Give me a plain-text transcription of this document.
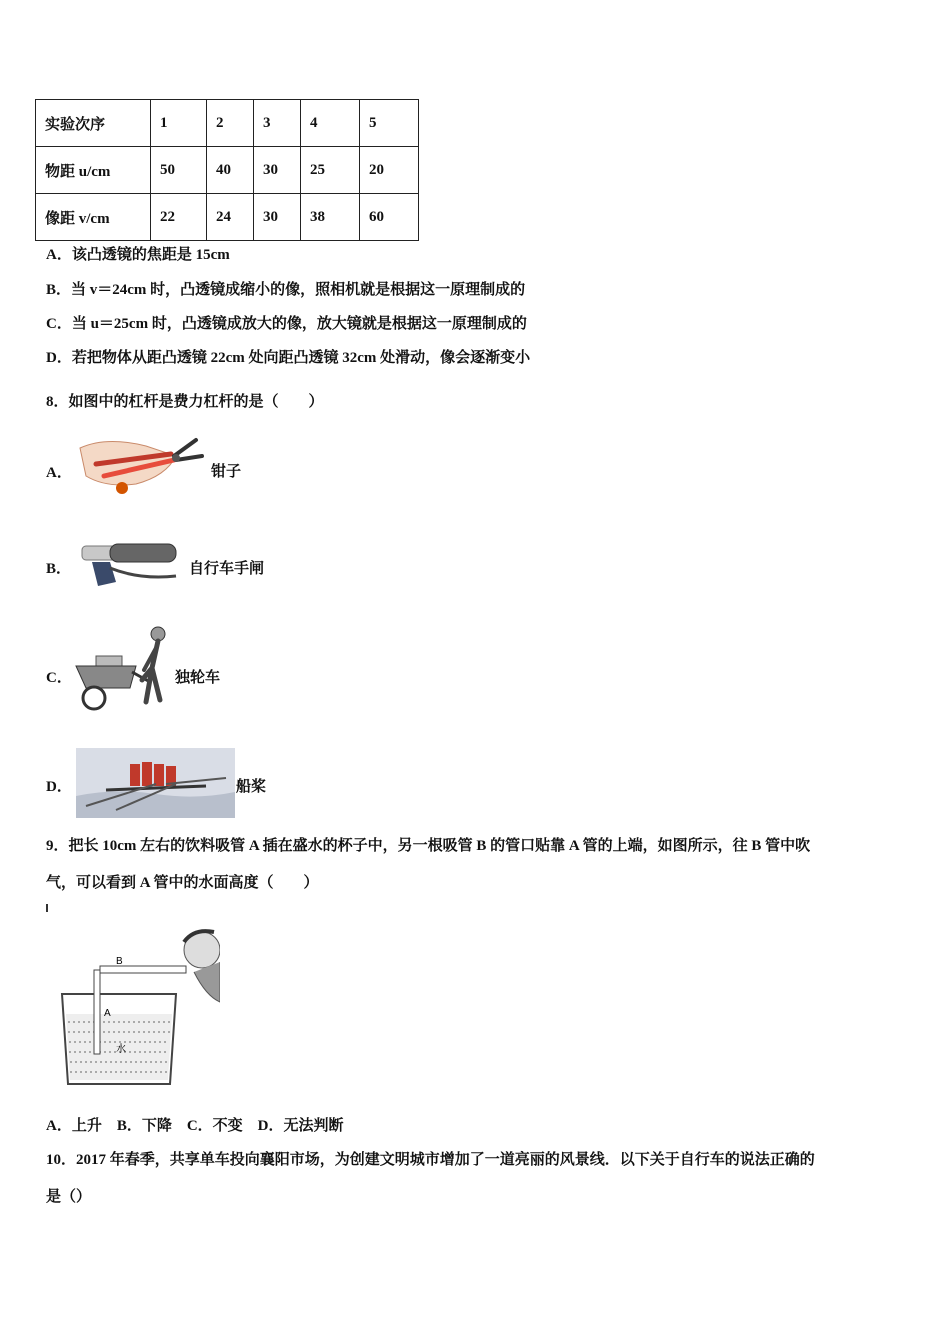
实验次序	1	2	3	4	5
物距 u/cm	50	40	30	25	20
像距 v/cm	22	24	30	38	60
A．该凸透镜的焦距是 15cm
B．当 v＝24cm 时，凸透镜成缩小的像，照相机就是根据这一原理制成的
C．当 u＝25cm 时，凸透镜成放大的像，放大镜就是根据这一原理制成的
D．若把物体从距凸透镜 22cm 处向距凸透镜 32cm 处滑动，像会逐渐变小
8．如图中的杠杆是费力杠杆的是（　　）
A．	钳子
B．	自行车手闸
C．	独轮车
D．	船桨
9．把长 10cm 左右的饮料吸管 A 插在盛水的杯子中，另一根吸管 B 的管口贴靠 A 管的上端，如图所示，往 B 管中吹
气，可以看到 A 管中的水面高度（　　）
B
A
水
A．上升　B．下降　C．不变　D．无法判断
10．2017 年春季，共享单车投向襄阳市场，为创建文明城市增加了一道亮丽的风景线．以下关于自行车的说法正确的
是（）
